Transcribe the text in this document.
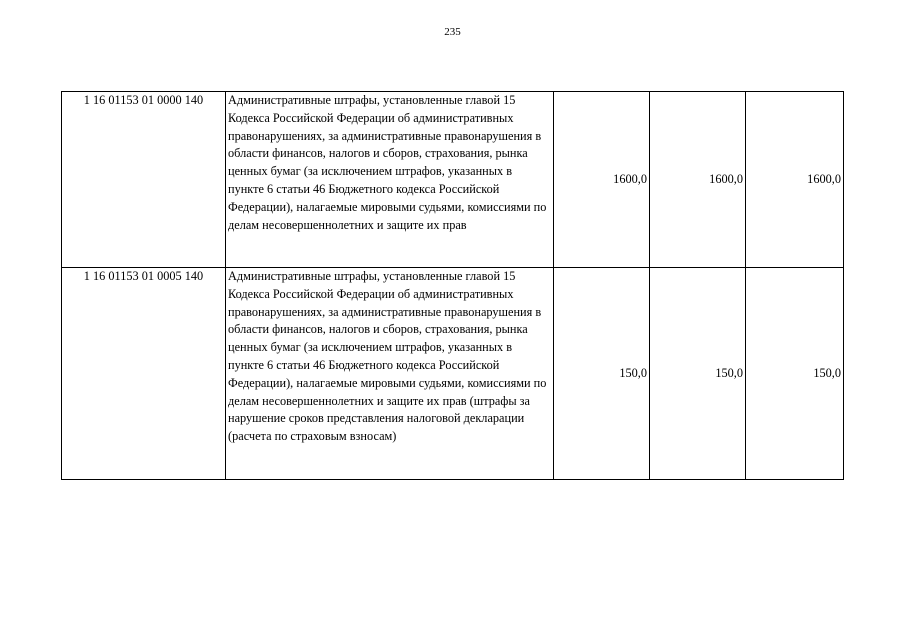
235
1 16 01153 01 0000 140	Административные штрафы, установленные главой 15 Кодекса Российской Федерации об административных правонарушениях, за административные правонарушения в области финансов, налогов и сборов, страхования, рынка ценных бумаг (за исключением штрафов, указанных в пункте 6 статьи 46 Бюджетного кодекса Российской Федерации), налагаемые мировыми судьями, комиссиями по делам несовершеннолетних и защите их прав	1600,0	1600,0	1600,0
1 16 01153 01 0005 140	Административные штрафы, установленные главой 15 Кодекса Российской Федерации об административных правонарушениях, за административные правонарушения в области финансов, налогов и сборов, страхования, рынка ценных бумаг (за исключением штрафов, указанных в пункте 6 статьи 46 Бюджетного кодекса Российской Федерации), налагаемые мировыми судьями, комиссиями по делам несовершеннолетних и защите их прав (штрафы за нарушение сроков представления налоговой декларации (расчета по страховым взносам)	150,0	150,0	150,0
